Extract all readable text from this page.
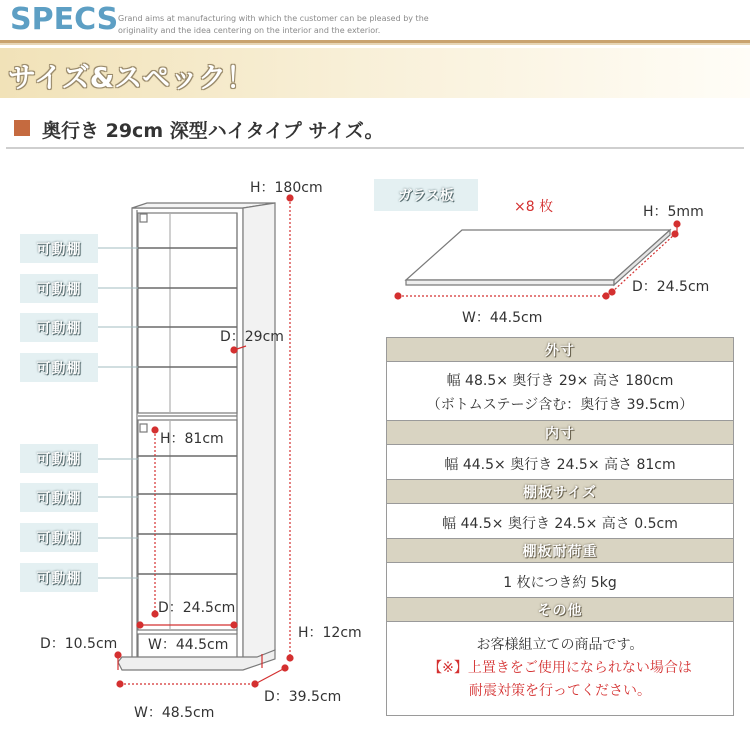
SPECS Grand aims at manufacturing with which the customer can be pleased by the
originality and the idea centering on the interior and the exterior.
サイズ&スペック！
奥行き 29cm 深型ハイタイプ サイズ。
可動棚
可動棚
可動棚
可動棚
可動棚
可動棚
可動棚
可動棚
H：180cm
D：29cm
H：81cm
D：24.5cm
W：44.5cm
H：12cm
D：10.5cm
D：39.5cm
W：48.5cm
ガラス板
×8 枚	H：5mm
D：24.5cm
W：44.5cm
外寸
幅 48.5× 奥行き 29× 高さ 180cm
（ボトムステージ含む：奥行き 39.5cm）
内寸
幅 44.5× 奥行き 24.5× 高さ 81cm
棚板サイズ
幅 44.5× 奥行き 24.5× 高さ 0.5cm
棚板耐荷重
1 枚につき約 5kg
その他
お客様組立ての商品です。
【※】上置きをご使用になられない場合は
耐震対策を行ってください。
